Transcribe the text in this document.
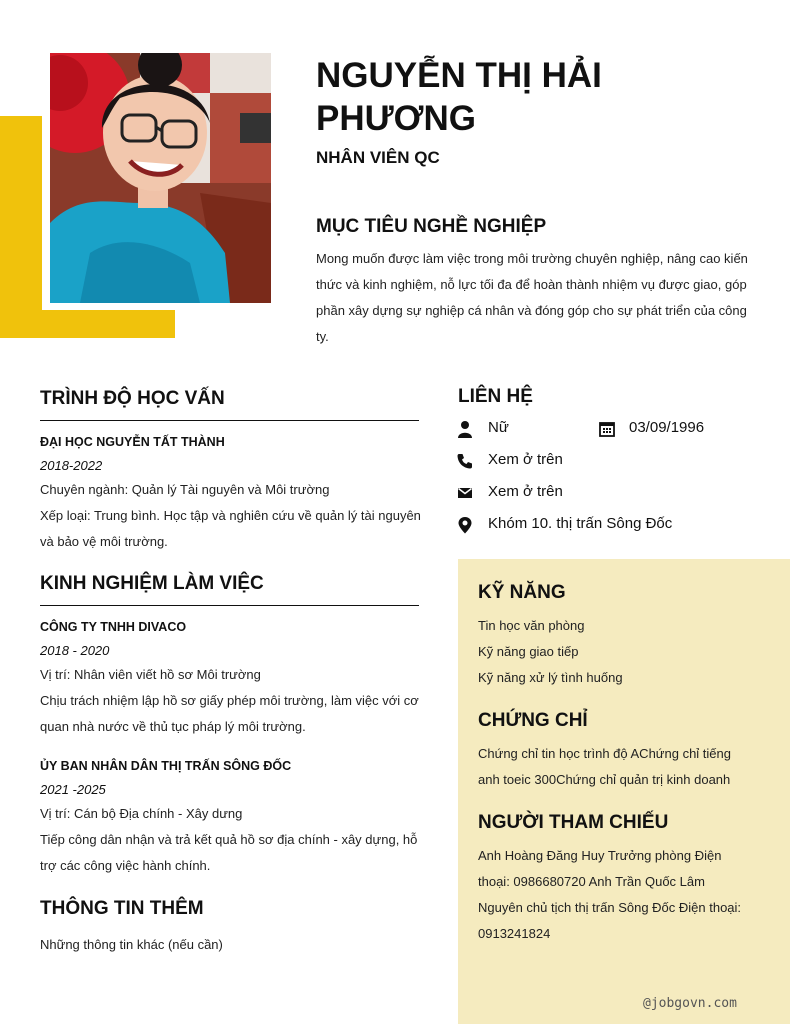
NGUYỄN THỊ HẢI PHƯƠNG
NHÂN VIÊN QC
MỤC TIÊU NGHỀ NGHIỆP
Mong muốn được làm việc trong môi trường chuyên nghiệp, nâng cao kiến thức và kinh nghiệm, nỗ lực tối đa để hoàn thành nhiệm vụ được giao, góp phần xây dựng sự nghiệp cá nhân và đóng góp cho sự phát triển của công ty.
TRÌNH ĐỘ HỌC VẤN
ĐẠI HỌC NGUYỄN TẤT THÀNH
2018-2022
Chuyên ngành: Quản lý Tài nguyên và Môi trường
Xếp loại: Trung bình. Học tập và nghiên cứu về quản lý tài nguyên và bảo vệ môi trường.
KINH NGHIỆM LÀM VIỆC
CÔNG TY TNHH DIVACO
2018 - 2020
Vị trí: Nhân viên viết hồ sơ Môi trường
Chịu trách nhiệm lập hồ sơ giấy phép môi trường, làm việc với cơ quan nhà nước về thủ tục pháp lý môi trường.
ỦY BAN NHÂN DÂN THỊ TRẤN SÔNG ĐỐC
2021 -2025
Vị trí: Cán bộ Địa chính - Xây dưng
Tiếp công dân nhận và trả kết quả hồ sơ địa chính - xây dựng, hỗ trợ các công việc hành chính.
THÔNG TIN THÊM
Những thông tin khác (nếu cần)
LIÊN HỆ
Nữ	03/09/1996
Xem ở trên
Xem ở trên
Khóm 10. thị trấn Sông Đốc
KỸ NĂNG
Tin học văn phòng
Kỹ năng giao tiếp
Kỹ năng xử lý tình huống
CHỨNG CHỈ
Chứng chỉ tin học trình độ AChứng chỉ tiếng anh toeic 300Chứng chỉ quản trị kinh doanh
NGƯỜI THAM CHIẾU
Anh Hoàng Đăng Huy Trưởng phòng Điện thoại: 0986680720 Anh Trần Quốc Lâm Nguyên chủ tịch thị trấn Sông Đốc Điện thoại: 0913241824
@jobgovn.com
